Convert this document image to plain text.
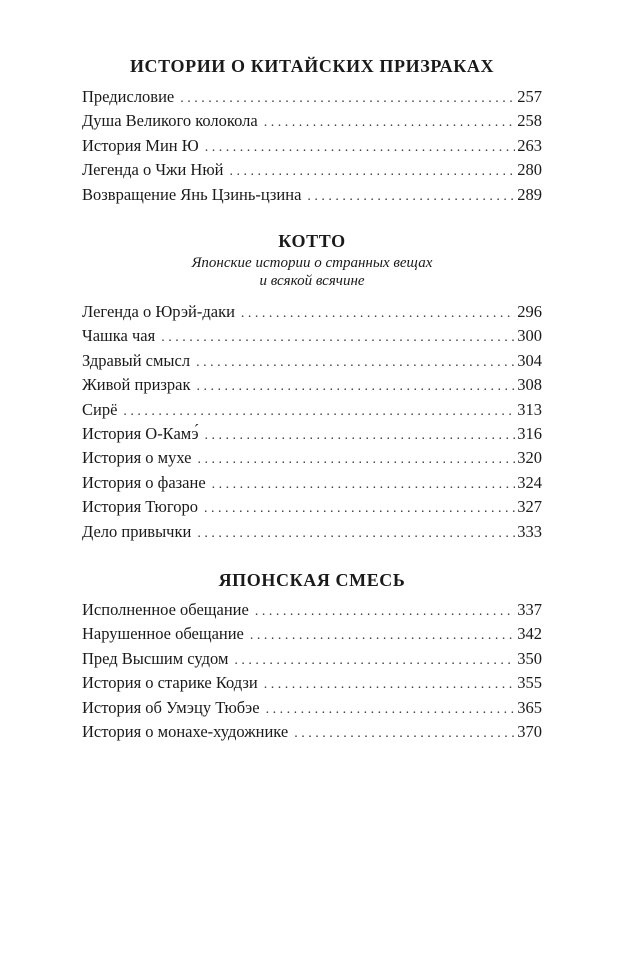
ИСТОРИИ О КИТАЙСКИХ ПРИЗРАКАХ
Предисловие . . .	257
Душа Великого колокола . . .	258
История Мин Ю . . .	263
Легенда о Чжи Нюй . . .	280
Возвращение Янь Цзинь-цзина . . .	289
КОТТО

Японские истории о странных вещах

и всякой всячине

Легенда о Юрэй-даки . . .	296
Чашка чая . . .	300
Здравый смысл . . .	304
Живой призрак . . .	308
Сирё . . .	313
История О-Камэ́ . . .	316
История о мухе . . .	320
История о фазане . . .	324
История Тюгоро . . .	327
Дело привычки . . .	333
ЯПОНСКАЯ СМЕСЬ
Исполненное обещание . . .	337
Нарушенное обещание . . .	342
Пред Высшим судом . . .	350
История о старике Кодзи . . .	355
История об Умэцу Тюбэе . . .	365
История о монахе-художнике . . .	370
